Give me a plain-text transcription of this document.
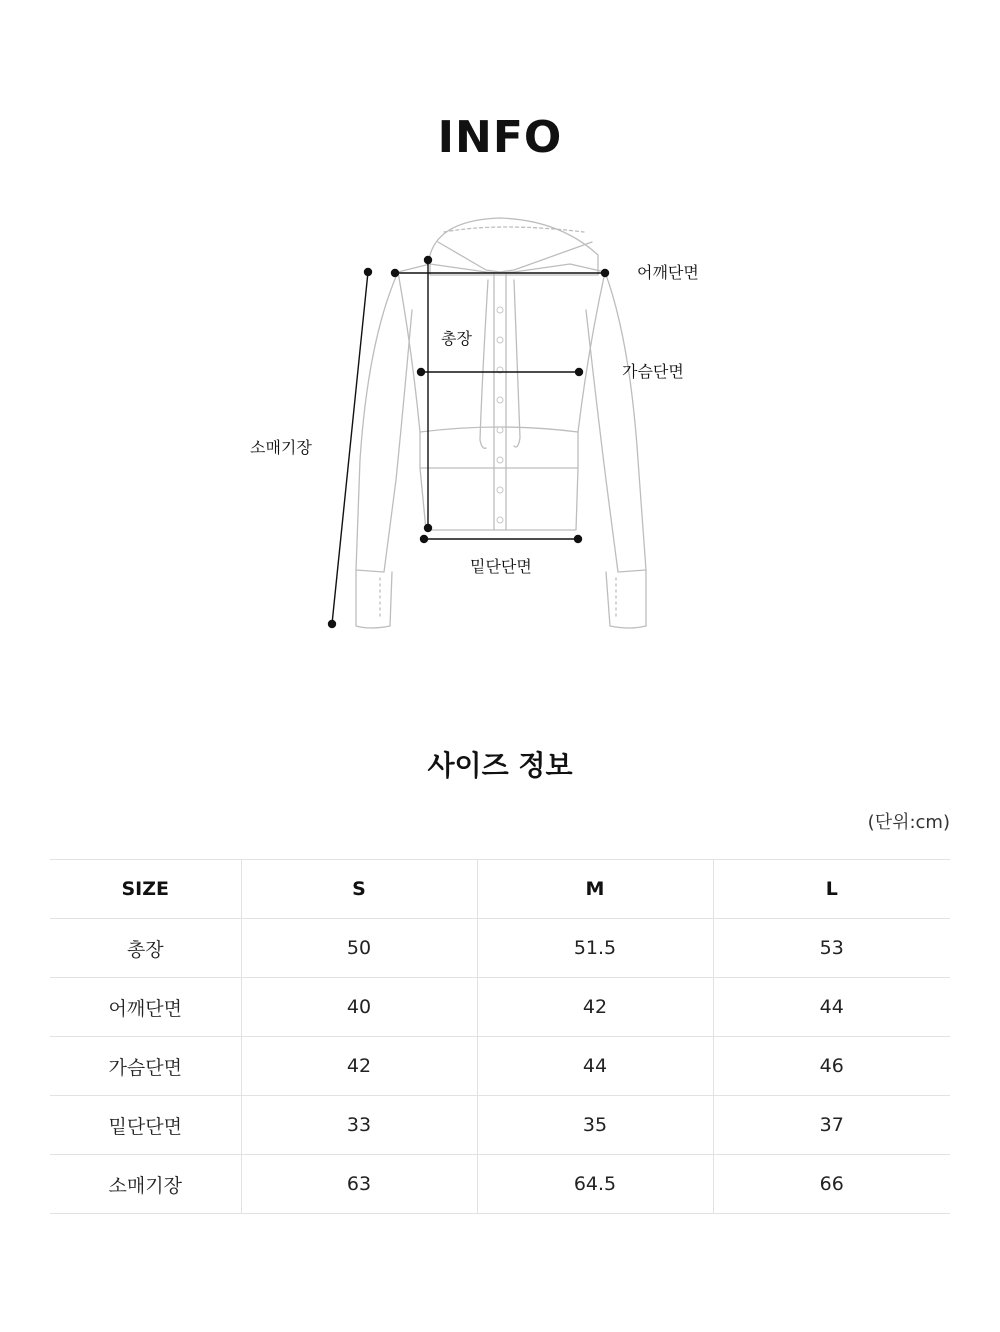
INFO
어깨단면
총장
가슴단면
소매기장
밑단단면
사이즈 정보
(단위:cm)
SIZE	S	M	L
총장	50	51.5	53
어깨단면	40	42	44
가슴단면	42	44	46
밑단단면	33	35	37
소매기장	63	64.5	66
